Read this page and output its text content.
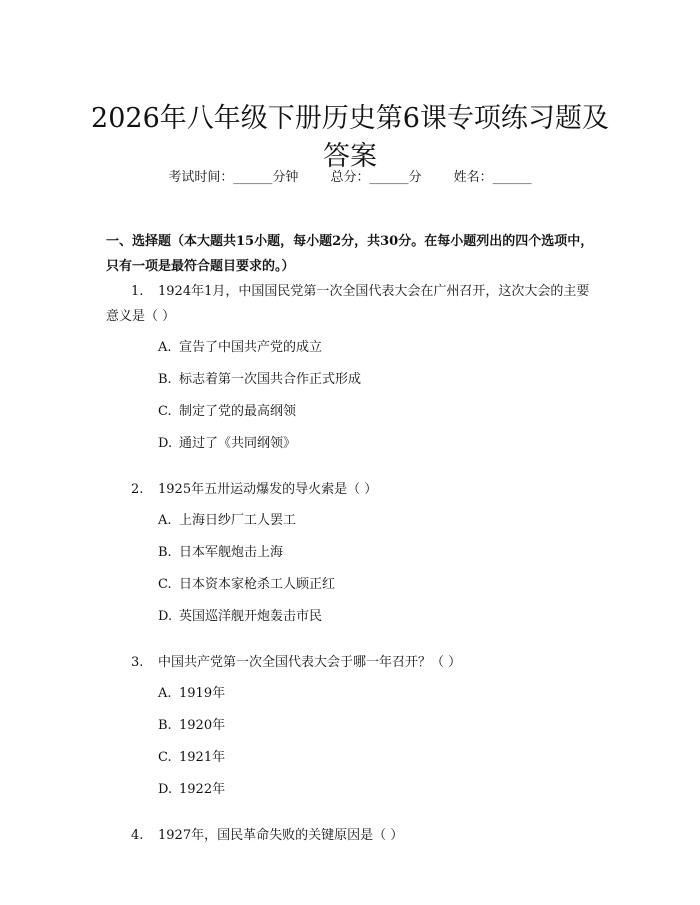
2026年八年级下册历史第6课专项练习题及答案
考试时间：______分钟 总分：______分 姓名：______
一、选择题（本大题共15小题，每小题2分，共30分。在每小题列出的四个选项中，只有一项是最符合题目要求的。）
1. 1924年1月，中国国民党第一次全国代表大会在广州召开，这次大会的主要意义是（ ）
A. 宣告了中国共产党的成立
B. 标志着第一次国共合作正式形成
C. 制定了党的最高纲领
D. 通过了《共同纲领》
2. 1925年五卅运动爆发的导火索是（ ）
A. 上海日纱厂工人罢工
B. 日本军舰炮击上海
C. 日本资本家枪杀工人顾正红
D. 英国巡洋舰开炮轰击市民
3. 中国共产党第一次全国代表大会于哪一年召开？（ ）
A. 1919年
B. 1920年
C. 1921年
D. 1922年
4. 1927年，国民革命失败的关键原因是（ ）
